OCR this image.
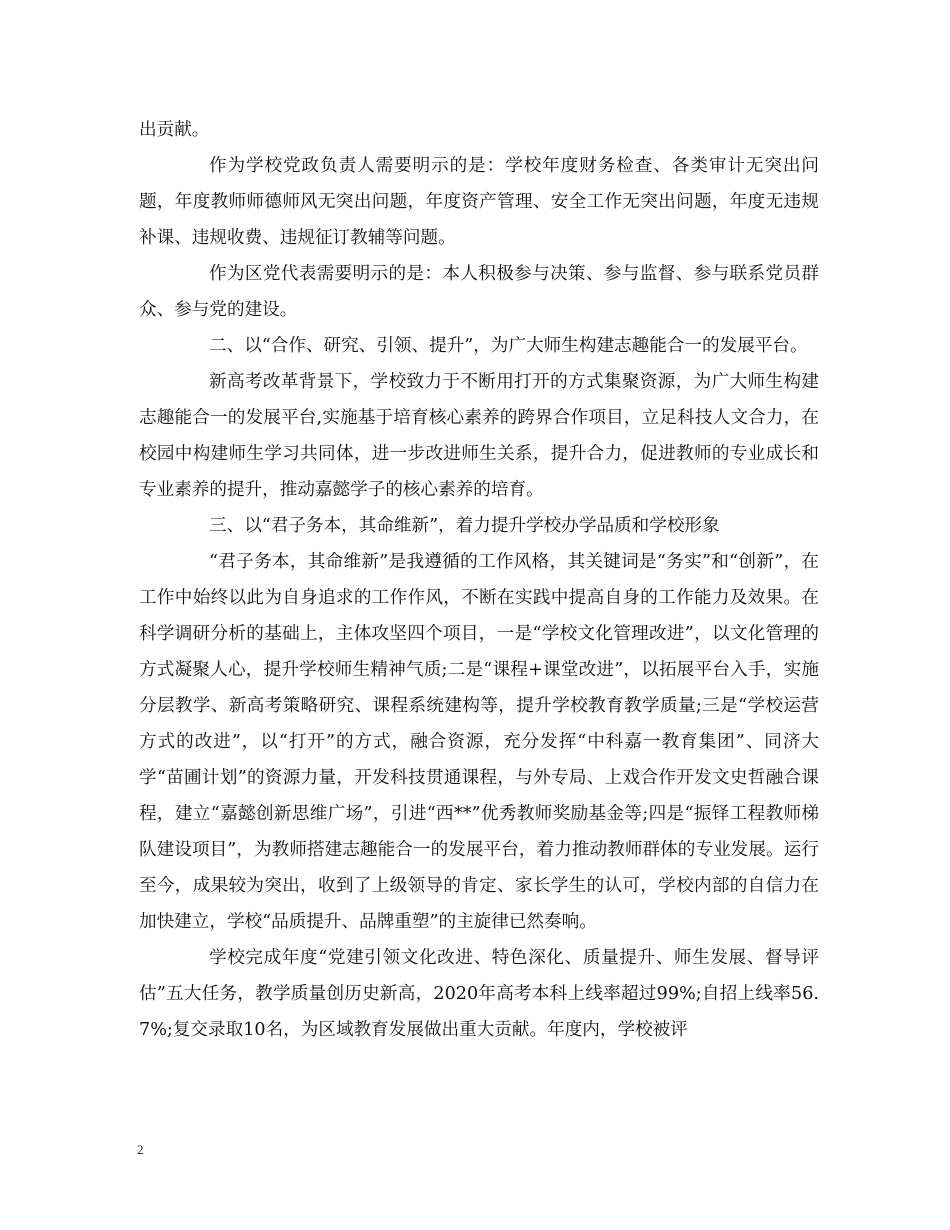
出贡献。

作为学校党政负责人需要明示的是：学校年度财务检查、各类审计无突出问题，年度教师师德师风无突出问题，年度资产管理、安全工作无突出问题，年度无违规补课、违规收费、违规征订教辅等问题。

作为区党代表需要明示的是：本人积极参与决策、参与监督、参与联系党员群众、参与党的建设。

二、以“合作、研究、引领、提升”，为广大师生构建志趣能合一的发展平台。

新高考改革背景下，学校致力于不断用打开的方式集聚资源，为广大师生构建志趣能合一的发展平台,实施基于培育核心素养的跨界合作项目，立足科技人文合力，在校园中构建师生学习共同体，进一步改进师生关系，提升合力，促进教师的专业成长和专业素养的提升，推动嘉懿学子的核心素养的培育。

三、以“君子务本，其命维新”，着力提升学校办学品质和学校形象

“君子务本，其命维新”是我遵循的工作风格，其关键词是“务实”和“创新”，在工作中始终以此为自身追求的工作作风，不断在实践中提高自身的工作能力及效果。在科学调研分析的基础上，主体攻坚四个项目，一是“学校文化管理改进”，以文化管理的方式凝聚人心，提升学校师生精神气质;二是“课程+课堂改进”，以拓展平台入手，实施分层教学、新高考策略研究、课程系统建构等，提升学校教育教学质量;三是“学校运营方式的改进”，以“打开”的方式，融合资源，充分发挥“中科嘉一教育集团”、同济大学“苗圃计划”的资源力量，开发科技贯通课程，与外专局、上戏合作开发文史哲融合课程，建立“嘉懿创新思维广场”，引进“西**”优秀教师奖励基金等;四是“振铎工程教师梯队建设项目”，为教师搭建志趣能合一的发展平台，着力推动教师群体的专业发展。运行至今，成果较为突出，收到了上级领导的肯定、家长学生的认可，学校内部的自信力在加快建立，学校“品质提升、品牌重塑”的主旋律已然奏响。

学校完成年度“党建引领文化改进、特色深化、质量提升、师生发展、督导评估”五大任务，教学质量创历史新高，2020年高考本科上线率超过99%;自招上线率56.7%;复交录取10名，为区域教育发展做出重大贡献。年度内，学校被评

2
